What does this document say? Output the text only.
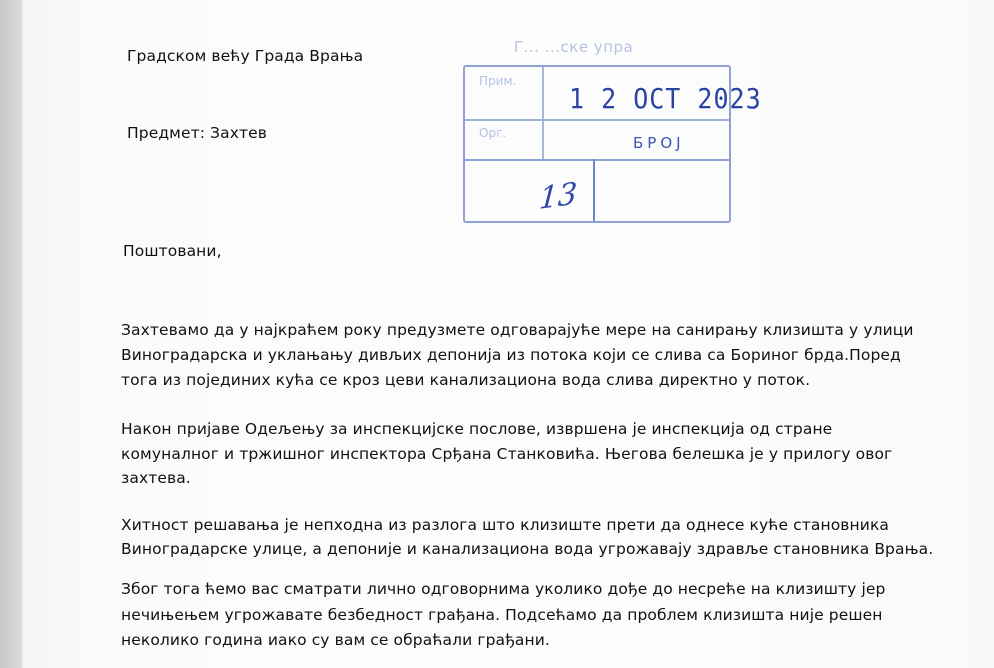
Градском већу Града Врања
Предмет: Захтев
Поштовани,
Захтевамо да у најкраћем року предузмете одговарајуће мере на санирању клизишта у улици
Виноградарска и уклањању дивљих депонија из потока који се слива са Бориног брда.Поред
тога из појединих кућа се кроз цеви канализациона вода слива директно у поток.
Након пријаве Одељењу за инспекцијске послове, извршена је инспекција од стране
комуналног и тржишног инспектора Срђана Станковића. Његова белешка је у прилогу овог
захтева.
Хитност решавања је непходна из разлога што клизиште прети да однесе куће становника
Виноградарске улице, а депоније и канализациона вода угрожавају здравље становника Врања.
Због тога ћемо вас сматрати лично одговорнима уколико дође до несреће на клизишту јер
нечињењем угрожавате безбедност грађана. Подсећамо да проблем клизишта није решен
неколико година иако су вам се обраћали грађани.
Г... ...ске упра
Прим.
Орг.
1 2 OCT 2023
БРОЈ
13
